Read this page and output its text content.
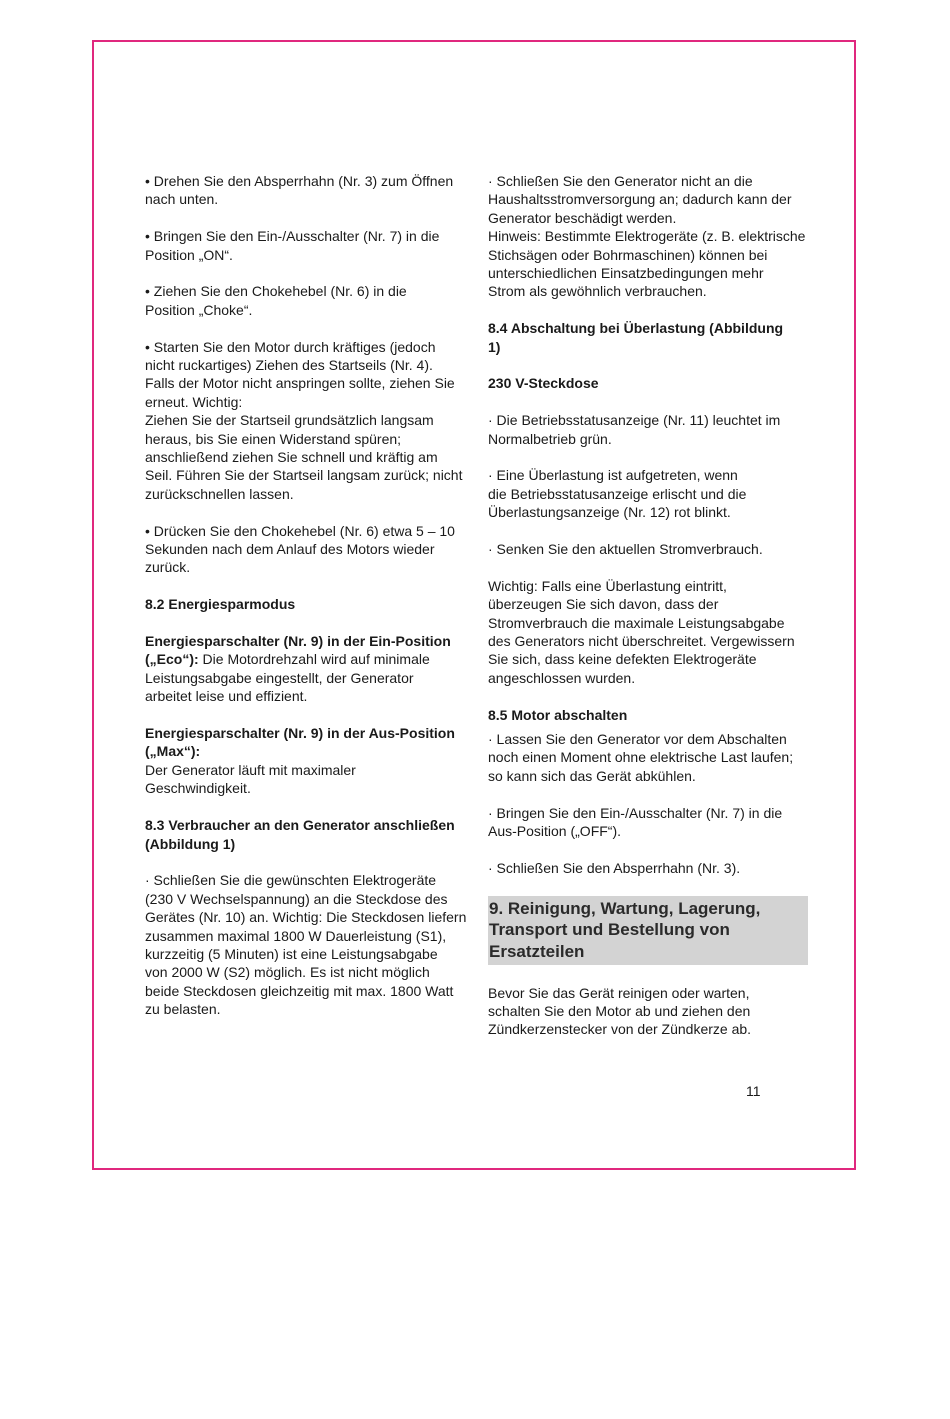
• Drehen Sie den Absperrhahn (Nr. 3) zum Öffnen
nach unten.
• Bringen Sie den Ein-/Ausschalter (Nr. 7) in die
Position „ON“.
• Ziehen Sie den Chokehebel (Nr. 6) in die
Position „Choke“.
• Starten Sie den Motor durch kräftiges (jedoch
nicht ruckartiges) Ziehen des Startseils (Nr. 4).
Falls der Motor nicht anspringen sollte, ziehen Sie
erneut. Wichtig:
Ziehen Sie der Startseil grundsätzlich langsam
heraus, bis Sie einen Widerstand spüren;
anschließend ziehen Sie schnell und kräftig am
Seil. Führen Sie der Startseil langsam zurück; nicht
zurückschnellen lassen.
• Drücken Sie den Chokehebel (Nr. 6) etwa 5 – 10
Sekunden nach dem Anlauf des Motors wieder
zurück.
8.2 Energiesparmodus
Energiesparschalter (Nr. 9) in der Ein-Position
(„Eco“): Die Motordrehzahl wird auf minimale
Leistungsabgabe eingestellt, der Generator
arbeitet leise und effizient.
Energiesparschalter (Nr. 9) in der Aus-Position
(„Max“):
Der Generator läuft mit maximaler
Geschwindigkeit.
8.3 Verbraucher an den Generator anschließen
(Abbildung 1)
· Schließen Sie die gewünschten Elektrogeräte
(230 V Wechselspannung) an die Steckdose des
Gerätes (Nr. 10) an. Wichtig: Die Steckdosen liefern
zusammen maximal 1800 W Dauerleistung (S1),
kurzzeitig (5 Minuten) ist eine Leistungsabgabe
von 2000 W (S2) möglich. Es ist nicht möglich
beide Steckdosen gleichzeitig mit max. 1800 Watt
zu belasten.
· Schließen Sie den Generator nicht an die
Haushaltsstromversorgung an; dadurch kann der
Generator beschädigt werden.
Hinweis: Bestimmte Elektrogeräte (z. B. elektrische
Stichsägen oder Bohrmaschinen) können bei
unterschiedlichen Einsatzbedingungen mehr
Strom als gewöhnlich verbrauchen.
8.4 Abschaltung bei Überlastung (Abbildung
1)
230 V-Steckdose
· Die Betriebsstatusanzeige (Nr. 11) leuchtet im
Normalbetrieb grün.
· Eine Überlastung ist aufgetreten, wenn
die Betriebsstatusanzeige erlischt und die
Überlastungsanzeige (Nr. 12) rot blinkt.
· Senken Sie den aktuellen Stromverbrauch.
Wichtig: Falls eine Überlastung eintritt,
überzeugen Sie sich davon, dass der
Stromverbrauch die maximale Leistungsabgabe
des Generators nicht überschreitet. Vergewissern
Sie sich, dass keine defekten Elektrogeräte
angeschlossen wurden.
8.5 Motor abschalten
· Lassen Sie den Generator vor dem Abschalten
noch einen Moment ohne elektrische Last laufen;
so kann sich das Gerät abkühlen.
· Bringen Sie den Ein-/Ausschalter (Nr. 7) in die
Aus-Position („OFF“).
· Schließen Sie den Absperrhahn (Nr. 3).
9. Reinigung, Wartung, Lagerung,
Transport und Bestellung von
Ersatzteilen
Bevor Sie das Gerät reinigen oder warten,
schalten Sie den Motor ab und ziehen den
Zündkerzenstecker von der Zündkerze ab.
11
